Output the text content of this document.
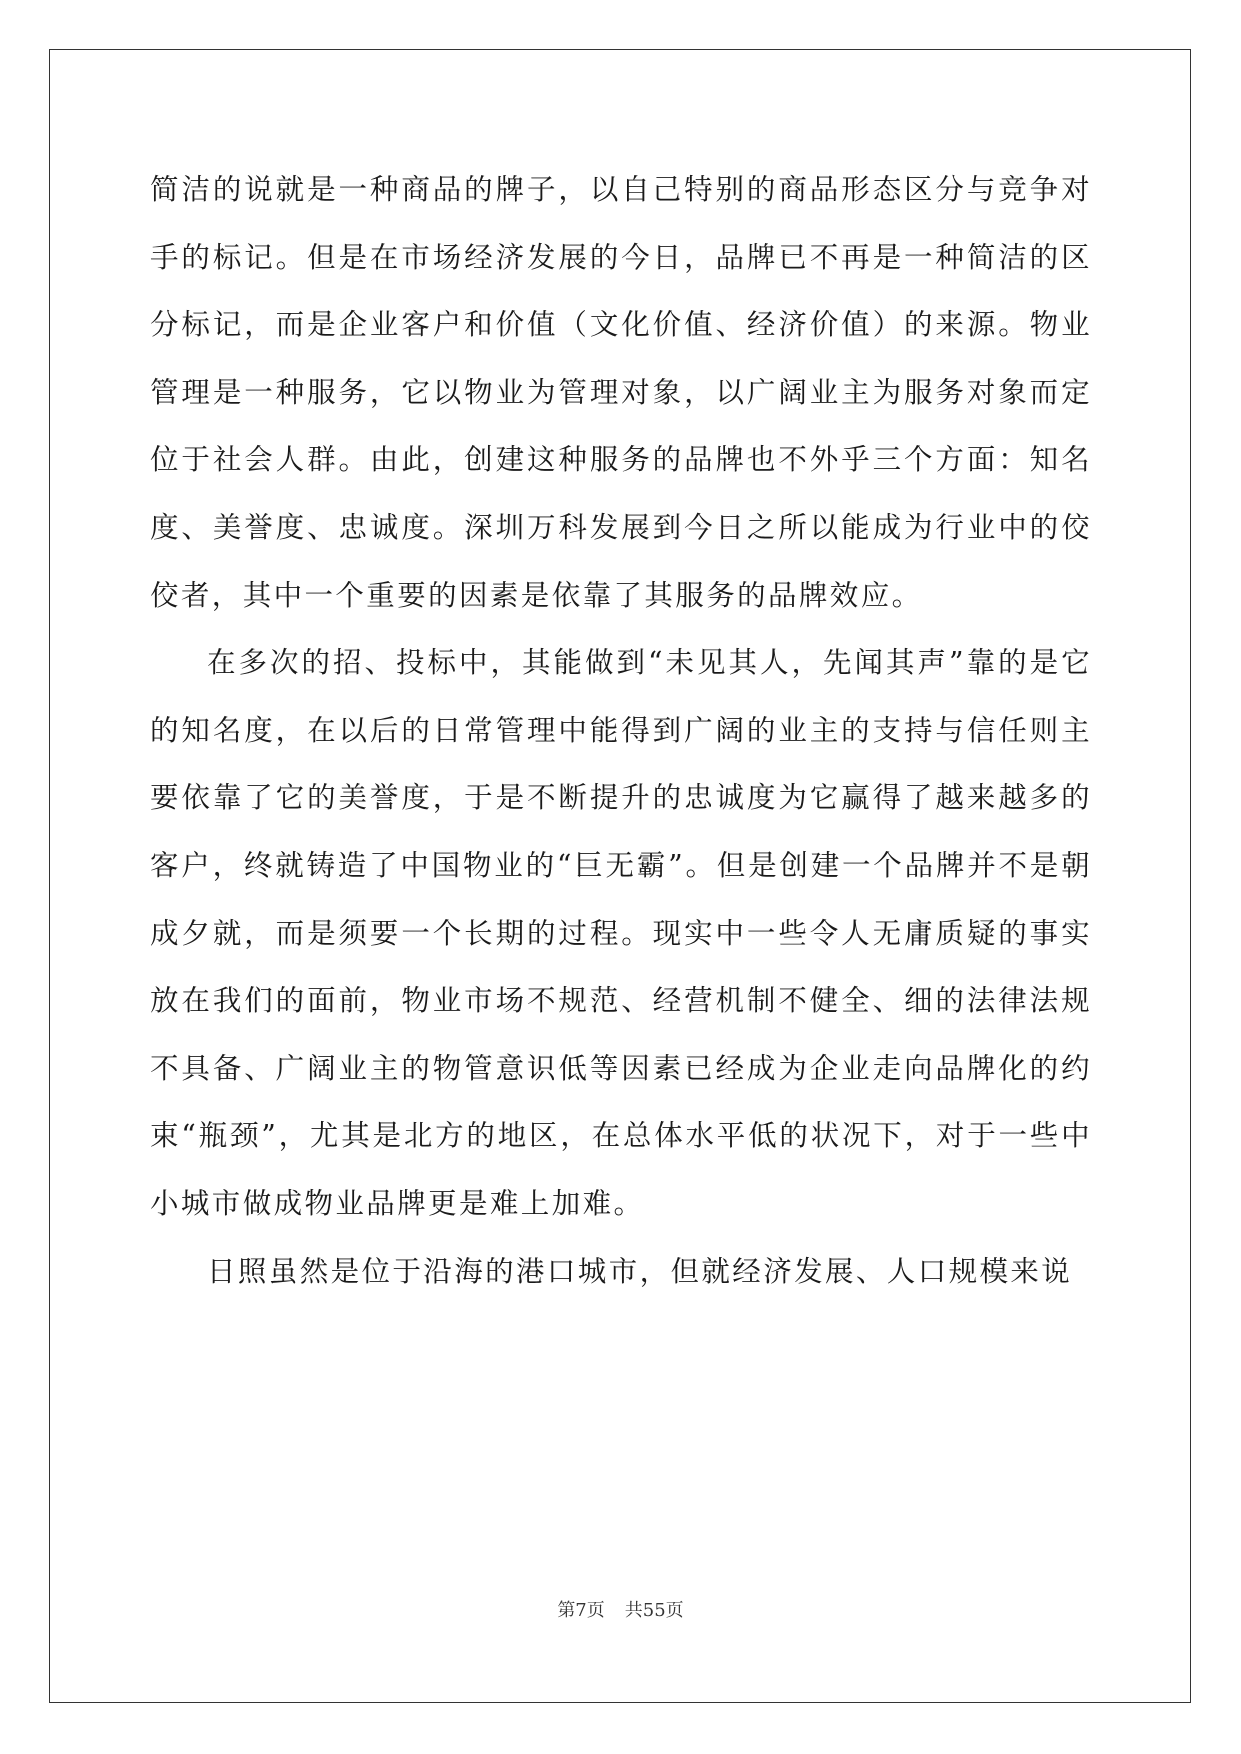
简洁的说就是一种商品的牌子，以自己特别的商品形态区分与竞争对手的标记。但是在市场经济发展的今日，品牌已不再是一种简洁的区分标记，而是企业客户和价值（文化价值、经济价值）的来源。物业管理是一种服务，它以物业为管理对象，以广阔业主为服务对象而定位于社会人群。由此，创建这种服务的品牌也不外乎三个方面：知名度、美誉度、忠诚度。深圳万科发展到今日之所以能成为行业中的佼佼者，其中一个重要的因素是依靠了其服务的品牌效应。

在多次的招、投标中，其能做到“未见其人，先闻其声”靠的是它的知名度，在以后的日常管理中能得到广阔的业主的支持与信任则主要依靠了它的美誉度，于是不断提升的忠诚度为它赢得了越来越多的客户，终就铸造了中国物业的“巨无霸”。但是创建一个品牌并不是朝成夕就，而是须要一个长期的过程。现实中一些令人无庸质疑的事实放在我们的面前，物业市场不规范、经营机制不健全、细的法律法规不具备、广阔业主的物管意识低等因素已经成为企业走向品牌化的约束“瓶颈”，尤其是北方的地区，在总体水平低的状况下，对于一些中小城市做成物业品牌更是难上加难。

日照虽然是位于沿海的港口城市，但就经济发展、人口规模来说

第7页 共55页
